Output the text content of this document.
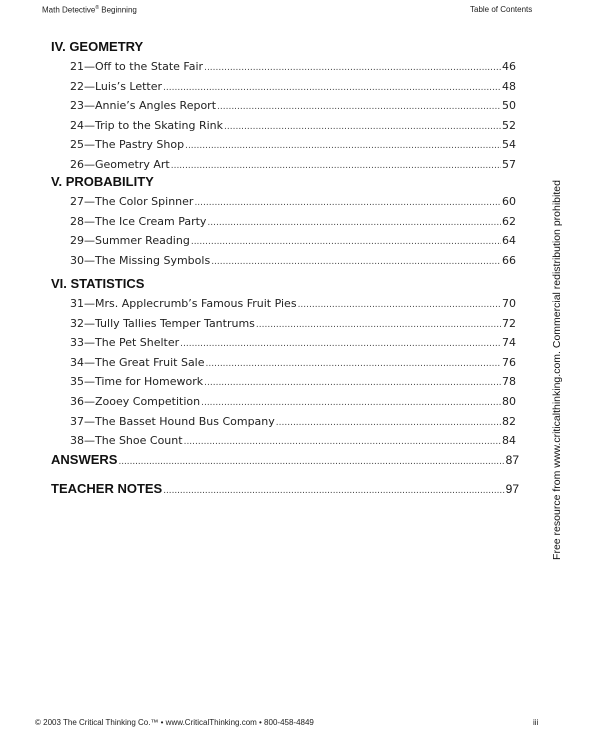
Math Detective® Beginning	Table of Contents
IV. GEOMETRY
21—Off to the State Fair .....	46
22—Luis’s Letter .....	48
23—Annie’s Angles Report .....	50
24—Trip to the Skating Rink .....	52
25—The Pastry Shop .....	54
26—Geometry Art .....	57
V. PROBABILITY
27—The Color Spinner .....	60
28—The Ice Cream Party .....	62
29—Summer Reading .....	64
30—The Missing Symbols .....	66
VI. STATISTICS
31—Mrs. Applecrumb’s Famous Fruit Pies .....	70
32—Tully Tallies Temper Tantrums .....	72
33—The Pet Shelter .....	74
34—The Great Fruit Sale .....	76
35—Time for Homework .....	78
36—Zooey Competition .....	80
37—The Basset Hound Bus Company .....	82
38—The Shoe Count .....	84
ANSWERS .....	87
TEACHER NOTES .....	97	Free resource from www.criticalthinking.com. Commercial redistribution prohibited
© 2003 The Critical Thinking Co.™ • www.CriticalThinking.com • 800-458-4849	iii
